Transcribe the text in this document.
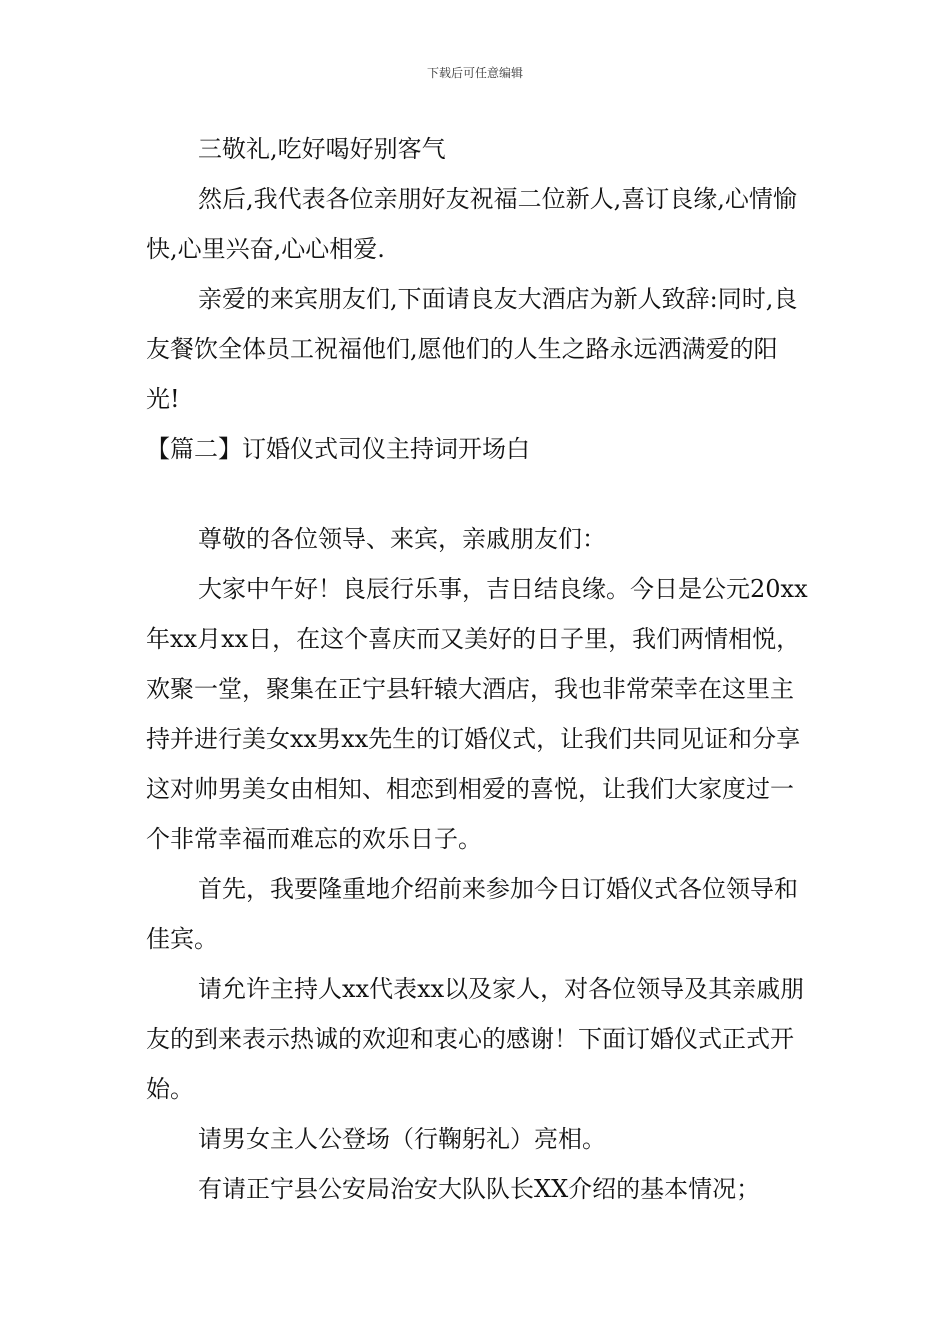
下载后可任意编辑

三敬礼,吃好喝好别客气

然后,我代表各位亲朋好友祝福二位新人,喜订良缘,心情愉快,心里兴奋,心心相爱.

亲爱的来宾朋友们,下面请良友大酒店为新人致辞:同时,良友餐饮全体员工祝福他们,愿他们的人生之路永远洒满爱的阳光!

【篇二】订婚仪式司仪主持词开场白

尊敬的各位领导、来宾，亲戚朋友们：

大家中午好！良辰行乐事，吉日结良缘。今日是公元20xx年xx月xx日，在这个喜庆而又美好的日子里，我们两情相悦，欢聚一堂，聚集在正宁县轩辕大酒店，我也非常荣幸在这里主持并进行美女xx男xx先生的订婚仪式，让我们共同见证和分享这对帅男美女由相知、相恋到相爱的喜悦，让我们大家度过一个非常幸福而难忘的欢乐日子。

首先，我要隆重地介绍前来参加今日订婚仪式各位领导和佳宾。

请允许主持人xx代表xx以及家人，对各位领导及其亲戚朋友的到来表示热诚的欢迎和衷心的感谢！下面订婚仪式正式开始。

请男女主人公登场（行鞠躬礼）亮相。

有请正宁县公安局治安大队队长XX介绍的基本情况；
